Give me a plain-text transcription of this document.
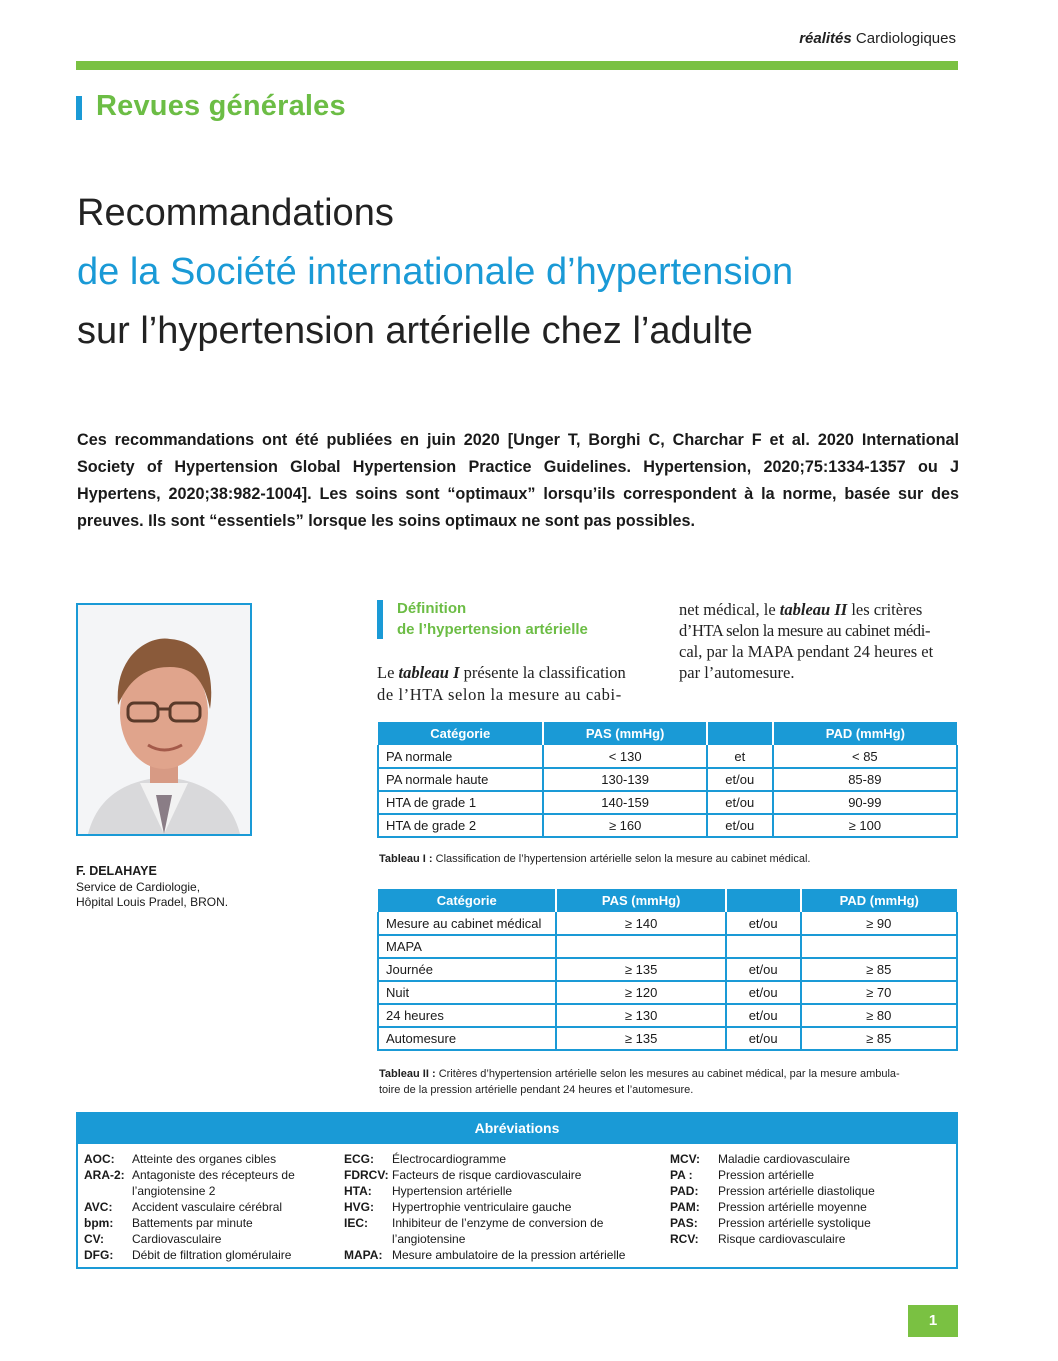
réalités Cardiologiques
Revues générales
Recommandations
de la Société internationale d’hypertension
sur l’hypertension artérielle chez l’adulte
Ces recommandations ont été publiées en juin 2020 [Unger T, Borghi C, Charchar F et al. 2020 International Society of Hypertension Global Hypertension Practice Guidelines. Hypertension, 2020;75:1334-1357 ou J Hypertens, 2020;38:982-1004]. Les soins sont “optimaux” lorsqu’ils correspondent à la norme, basée sur des preuves. Ils sont “essentiels” lorsque les soins optimaux ne sont pas possibles.
F. DELAHAYE
Service de Cardiologie,
Hôpital Louis Pradel, BRON.
Définition
de l’hypertension artérielle
Le tableau I présente la classification
de l’HTA selon la mesure au cabi-
net médical, le tableau II les critères
d’HTA selon la mesure au cabinet médi-
cal, par la MAPA pendant 24 heures et
par l’automesure.
Catégorie	PAS (mmHg)		PAD (mmHg)
PA normale	< 130	et	< 85
PA normale haute	130-139	et/ou	85-89
HTA de grade 1	140-159	et/ou	90-99
HTA de grade 2	≥ 160	et/ou	≥ 100
Tableau I : Classification de l’hypertension artérielle selon la mesure au cabinet médical.
Catégorie	PAS (mmHg)		PAD (mmHg)
Mesure au cabinet médical	≥ 140	et/ou	≥ 90
MAPA			
Journée	≥ 135	et/ou	≥ 85
Nuit	≥ 120	et/ou	≥ 70
24 heures	≥ 130	et/ou	≥ 80
Automesure	≥ 135	et/ou	≥ 85
Tableau II : Critères d’hypertension artérielle selon les mesures au cabinet médical, par la mesure ambula-
toire de la pression artérielle pendant 24 heures et l’automesure.
Abréviations
AOC: Atteinte des organes cibles
ARA-2: Antagoniste des récepteurs de
l’angiotensine 2
AVC: Accident vasculaire cérébral
bpm: Battements par minute
CV: Cardiovasculaire
DFG: Débit de filtration glomérulaire
ECG: Électrocardiogramme
FDRCV: Facteurs de risque cardiovasculaire
HTA: Hypertension artérielle
HVG: Hypertrophie ventriculaire gauche
IEC: Inhibiteur de l’enzyme de conversion de
l’angiotensine
MAPA: Mesure ambulatoire de la pression artérielle
MCV: Maladie cardiovasculaire
PA : Pression artérielle
PAD: Pression artérielle diastolique
PAM: Pression artérielle moyenne
PAS: Pression artérielle systolique
RCV: Risque cardiovasculaire
1
